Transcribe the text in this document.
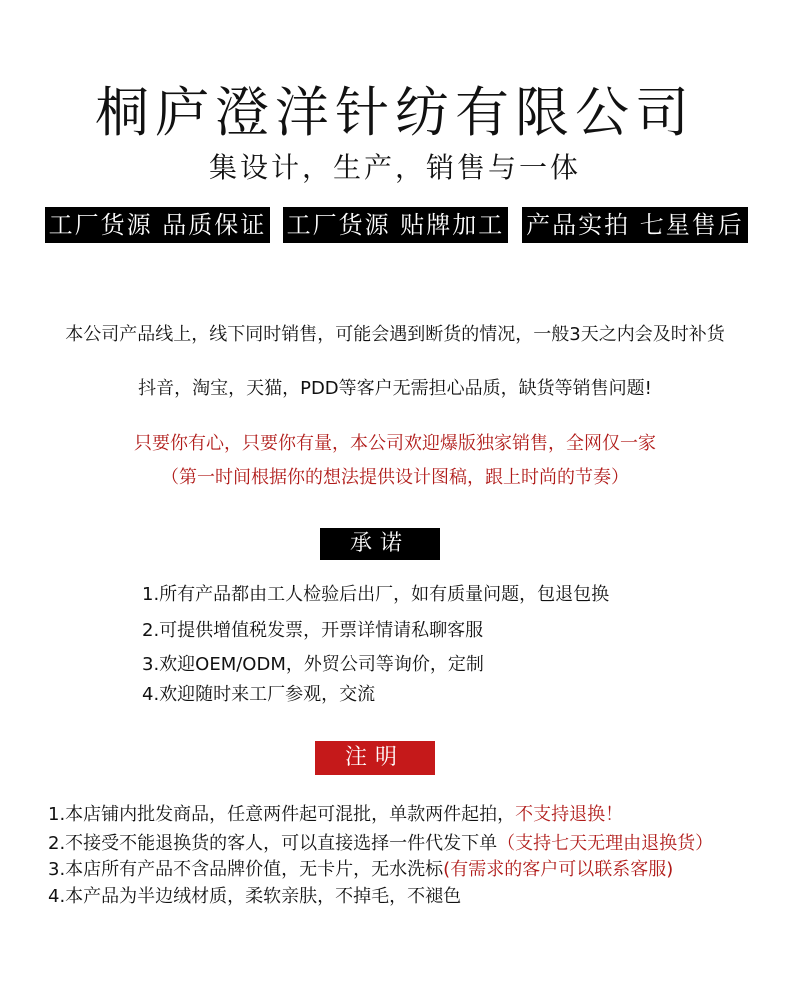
桐庐澄洋针纺有限公司
集设计，生产，销售与一体
工厂货源 品质保证 工厂货源 贴牌加工 产品实拍 七星售后
本公司产品线上，线下同时销售，可能会遇到断货的情况，一般3天之内会及时补货
抖音，淘宝，天猫，PDD等客户无需担心品质，缺货等销售问题!
只要你有心，只要你有量，本公司欢迎爆版独家销售，全网仅一家
（第一时间根据你的想法提供设计图稿，跟上时尚的节奏）
承诺
1.所有产品都由工人检验后出厂，如有质量问题，包退包换
2.可提供增值税发票，开票详情请私聊客服
3.欢迎OEM/ODM，外贸公司等询价，定制
4.欢迎随时来工厂参观，交流
注明
1.本店铺内批发商品，任意两件起可混批，单款两件起拍，不支持退换！
2.不接受不能退换货的客人，可以直接选择一件代发下单（支持七天无理由退换货）
3.本店所有产品不含品牌价值，无卡片，无水洗标(有需求的客户可以联系客服)
4.本产品为半边绒材质，柔软亲肤，不掉毛，不褪色
